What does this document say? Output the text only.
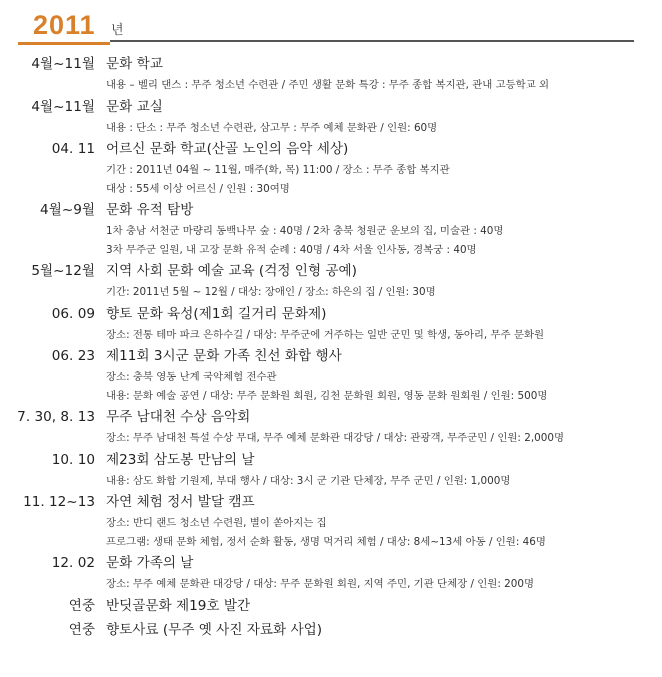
2011 년
4월~11월 문화 학교
내용 – 벨리 댄스 : 무주 청소년 수련관 / 주민 생활 문화 특강 : 무주 종합 복지관, 관내 고등학교 외
4월~11월 문화 교실
내용 : 단소 : 무주 청소년 수련관, 삼고무 : 무주 예체 문화관 / 인원: 60명
04. 11 어르신 문화 학교(산골 노인의 음악 세상)
기간 : 2011년 04월 ~ 11월, 매주(화, 목) 11:00 / 장소 : 무주 종합 복지관
대상 : 55세 이상 어르신 / 인원 : 30여명
4월~9월 문화 유적 탐방
1차 충남 서천군 마량리 동백나무 숲 : 40명 / 2차 충북 청원군 운보의 집, 미술관 : 40명
3차 무주군 일원, 내 고장 문화 유적 순례 : 40명 / 4차 서울 인사동, 경복궁 : 40명
5월~12월 지역 사회 문화 예술 교육 (걱정 인형 공예)
기간: 2011년 5월 ~ 12월 / 대상: 장애인 / 장소: 하은의 집 / 인원: 30명
06. 09 향토 문화 육성(제1회 길거리 문화제)
장소: 전통 테마 파크 은하수길 / 대상: 무주군에 거주하는 일반 군민 및 학생, 동아리, 무주 문화원
06. 23 제11회 3시군 문화 가족 친선 화합 행사
장소: 충북 영동 난계 국악체험 전수관
내용: 문화 예술 공연 / 대상: 무주 문화원 회원, 김천 문화원 회원, 영동 문화 원회원 / 인원: 500명
7. 30, 8. 13 무주 남대천 수상 음악회
장소: 무주 남대천 특설 수상 무대, 무주 예체 문화관 대강당 / 대상: 관광객, 무주군민 / 인원: 2,000명
10. 10 제23회 삼도봉 만남의 날
내용: 삼도 화합 기원제, 부대 행사 / 대상: 3시 군 기관 단체장, 무주 군민 / 인원: 1,000명
11. 12~13 자연 체험 정서 발달 캠프
장소: 반디 랜드 청소년 수련원, 별이 쏟아지는 집
프로그램: 생태 문화 체험, 정서 순화 활동, 생명 먹거리 체험 / 대상: 8세~13세 아동 / 인원: 46명
12. 02 문화 가족의 날
장소: 무주 예체 문화관 대강당 / 대상: 무주 문화원 회원, 지역 주민, 기관 단체장 / 인원: 200명
연중 반딧골문화 제19호 발간
연중 향토사료 (무주 옛 사진 자료화 사업)
